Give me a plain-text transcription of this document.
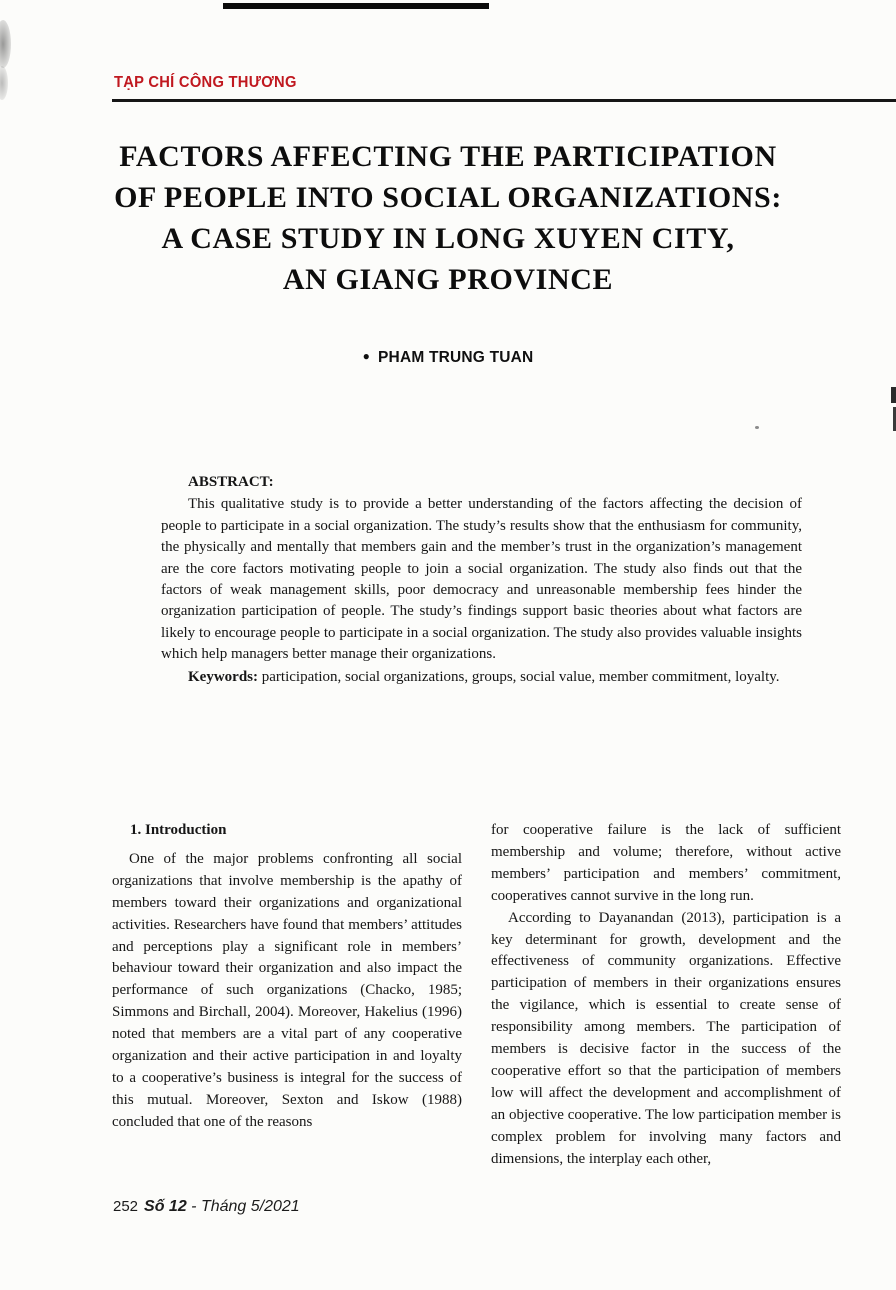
TẠP CHÍ CÔNG THƯƠNG
FACTORS AFFECTING THE PARTICIPATION
OF PEOPLE INTO SOCIAL ORGANIZATIONS:
A CASE STUDY IN LONG XUYEN CITY,
AN GIANG PROVINCE
● PHAM TRUNG TUAN

ABSTRACT:

This qualitative study is to provide a better understanding of the factors affecting the decision of people to participate in a social organization. The study’s results show that the enthusiasm for community, the physically and mentally that members gain and the member’s trust in the organization’s management are the core factors motivating people to join a social organization. The study also finds out that the factors of weak management skills, poor democracy and unreasonable membership fees hinder the organization participation of people. The study’s findings support basic theories about what factors are likely to encourage people to participate in a social organization. The study also provides valuable insights which help managers better manage their organizations.

Keywords: participation, social organizations, groups, social value, member commitment, loyalty.

1. Introduction

One of the major problems confronting all social organizations that involve membership is the apathy of members toward their organizations and organizational activities. Researchers have found that members’ attitudes and perceptions play a significant role in members’ behaviour toward their organization and also impact the performance of such organizations (Chacko, 1985; Simmons and Birchall, 2004). Moreover, Hakelius (1996) noted that members are a vital part of any cooperative organization and their active participation in and loyalty to a cooperative’s business is integral for the success of this mutual. Moreover, Sexton and Iskow (1988) concluded that one of the reasons

for cooperative failure is the lack of sufficient membership and volume; therefore, without active members’ participation and members’ commitment, cooperatives cannot survive in the long run.

According to Dayanandan (2013), participation is a key determinant for growth, development and the effectiveness of community organizations. Effective participation of members in their organizations ensures the vigilance, which is essential to create sense of responsibility among members. The participation of members is decisive factor in the success of the cooperative effort so that the participation of members low will affect the development and accomplishment of an objective cooperative. The low participation member is complex problem for involving many factors and dimensions, the interplay each other,

252 Số 12 - Tháng 5/2021
